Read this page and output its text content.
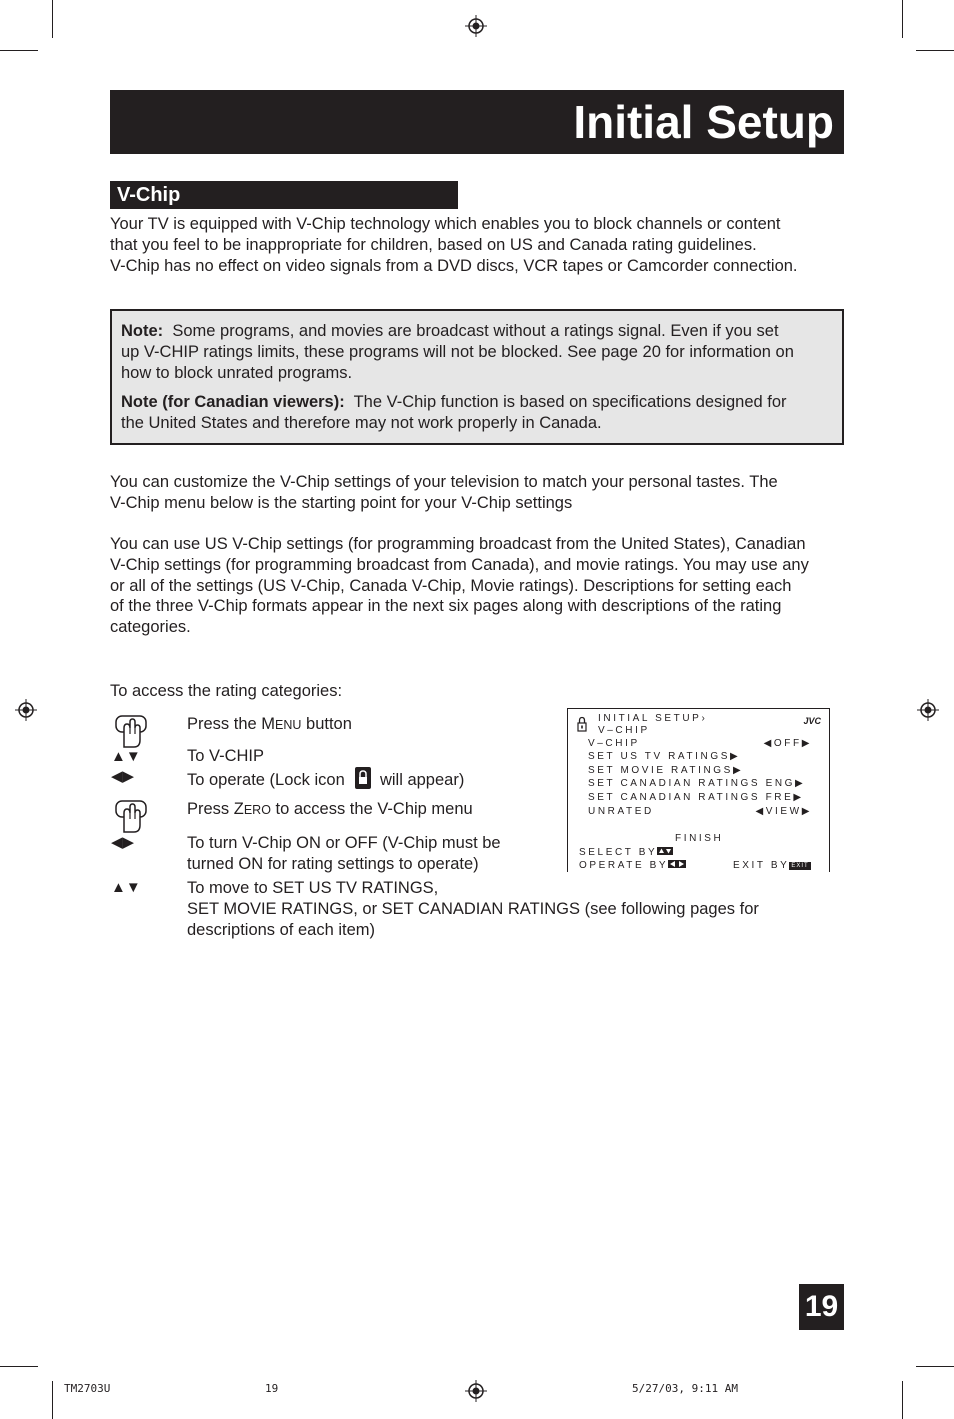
Initial Setup
V-Chip
Your TV is equipped with V-Chip technology which enables you to block channels or content
that you feel to be inappropriate for children, based on US and Canada rating guidelines.
V-Chip has no effect on video signals from a DVD discs, VCR tapes or Camcorder connection.
Note: Some programs, and movies are broadcast without a ratings signal. Even if you set
up V-CHIP ratings limits, these programs will not be blocked. See page 20 for information on
how to block unrated programs.
Note (for Canadian viewers): The V-Chip function is based on specifications designed for
the United States and therefore may not work properly in Canada.
You can customize the V-Chip settings of your television to match your personal tastes. The
V-Chip menu below is the starting point for your V-Chip settings
You can use US V-Chip settings (for programming broadcast from the United States), Canadian
V-Chip settings (for programming broadcast from Canada), and movie ratings. You may use any
or all of the settings (US V-Chip, Canada V-Chip, Movie ratings). Descriptions for setting each
of the three V-Chip formats appear in the next six pages along with descriptions of the rating
categories.
To access the rating categories:
Press the MENU button
▲▼	To V-CHIP
◀▶	To operate (Lock icon will appear)
Press ZERO to access the V-Chip menu
◀▶	To turn V-Chip ON or OFF (V-Chip must be
turned ON for rating settings to operate)
▲▼	To move to SET US TV RATINGS,
SET MOVIE RATINGS, or SET CANADIAN RATINGS (see following pages for
descriptions of each item)
INITIAL SETUP›	JVC
V–CHIP
V–CHIP	◀OFF▶
SET US TV RATINGS▶
SET MOVIE RATINGS▶
SET CANADIAN RATINGS ENG▶
SET CANADIAN RATINGS FRE▶
UNRATED	◀VIEW▶
FINISH
SELECT BY
OPERATE BY	EXIT BY EXIT
19
TM2703U	19	5/27/03, 9:11 AM
